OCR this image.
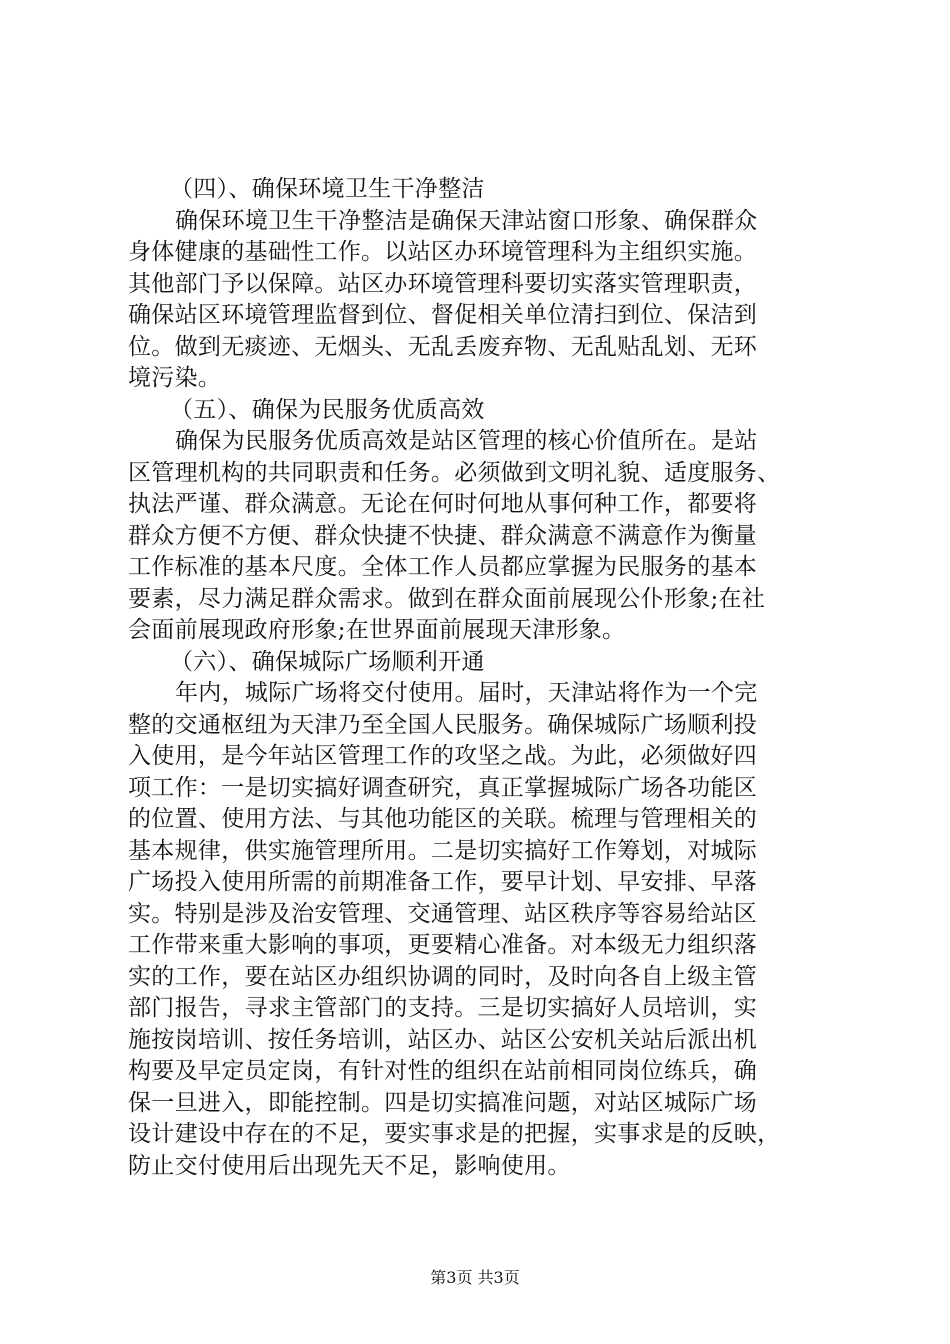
（四）、确保环境卫生干净整洁
确保环境卫生干净整洁是确保天津站窗口形象、确保群众
身体健康的基础性工作。以站区办环境管理科为主组织实施。
其他部门予以保障。站区办环境管理科要切实落实管理职责，
确保站区环境管理监督到位、督促相关单位清扫到位、保洁到
位。做到无痰迹、无烟头、无乱丢废弃物、无乱贴乱划、无环
境污染。
（五）、确保为民服务优质高效
确保为民服务优质高效是站区管理的核心价值所在。是站
区管理机构的共同职责和任务。必须做到文明礼貌、适度服务、
执法严谨、群众满意。无论在何时何地从事何种工作，都要将
群众方便不方便、群众快捷不快捷、群众满意不满意作为衡量
工作标准的基本尺度。全体工作人员都应掌握为民服务的基本
要素，尽力满足群众需求。做到在群众面前展现公仆形象;在社
会面前展现政府形象;在世界面前展现天津形象。
（六）、确保城际广场顺利开通
年内，城际广场将交付使用。届时，天津站将作为一个完
整的交通枢纽为天津乃至全国人民服务。确保城际广场顺利投
入使用，是今年站区管理工作的攻坚之战。为此，必须做好四
项工作：一是切实搞好调查研究，真正掌握城际广场各功能区
的位置、使用方法、与其他功能区的关联。梳理与管理相关的
基本规律，供实施管理所用。二是切实搞好工作筹划，对城际
广场投入使用所需的前期准备工作，要早计划、早安排、早落
实。特别是涉及治安管理、交通管理、站区秩序等容易给站区
工作带来重大影响的事项，更要精心准备。对本级无力组织落
实的工作，要在站区办组织协调的同时，及时向各自上级主管
部门报告，寻求主管部门的支持。三是切实搞好人员培训，实
施按岗培训、按任务培训，站区办、站区公安机关站后派出机
构要及早定员定岗，有针对性的组织在站前相同岗位练兵，确
保一旦进入，即能控制。四是切实搞准问题，对站区城际广场
设计建设中存在的不足，要实事求是的把握，实事求是的反映，
防止交付使用后出现先天不足，影响使用。
第3页 共3页
